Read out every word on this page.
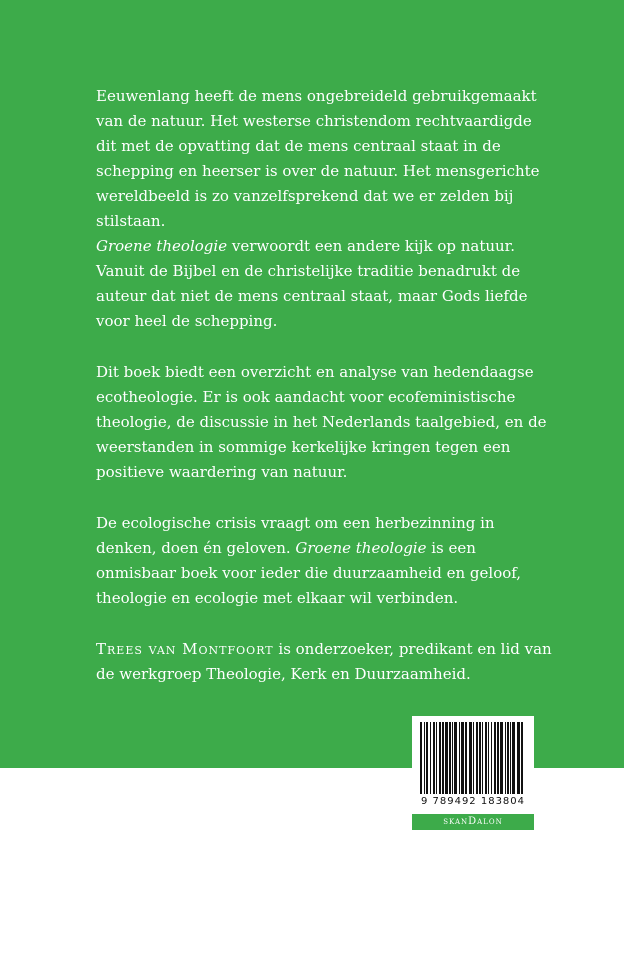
Eeuwenlang heeft de mens ongebreideld gebruikgemaakt van de natuur. Het westerse christendom rechtvaardigde dit met de opvatting dat de mens centraal staat in de schepping en heerser is over de natuur. Het mensgerichte wereldbeeld is zo vanzelfsprekend dat we er zelden bij stilstaan.

Groene theologie verwoordt een andere kijk op natuur. Vanuit de Bijbel en de christelijke traditie benadrukt de auteur dat niet de mens centraal staat, maar Gods liefde voor heel de schepping.

Dit boek biedt een overzicht en analyse van hedendaagse ecotheologie. Er is ook aandacht voor ecofeministische theologie, de discussie in het Nederlands taalgebied, en de weerstanden in sommige kerkelijke kringen tegen een positieve waardering van natuur.

De ecologische crisis vraagt om een herbezinning in denken, doen én geloven. Groene theologie is een onmisbaar boek voor ieder die duurzaamheid en geloof, theologie en ecologie met elkaar wil verbinden.

Trees van Montfoort is onderzoeker, predikant en lid van de werkgroep Theologie, Kerk en Duurzaamheid.

9 789492 183804
skanDalon
